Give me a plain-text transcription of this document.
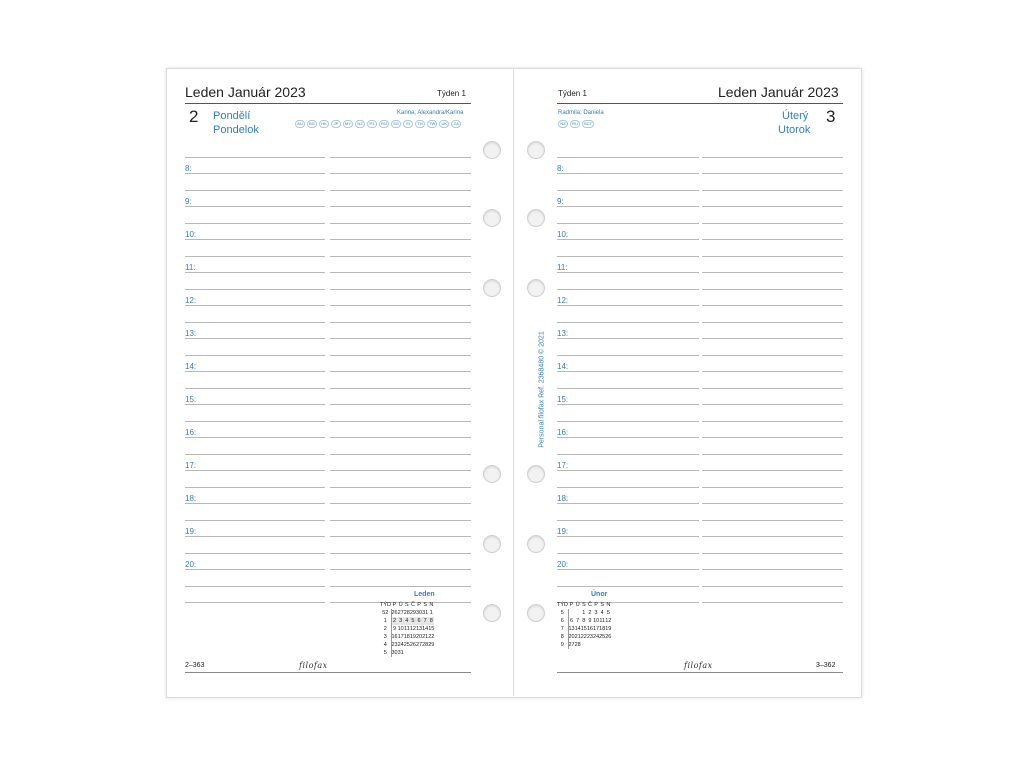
Leden Január 2023	Týden 1
2 Pondělí
Pondelok
Karina; Alexandra/Karina
AU	BG	HK	JP	MY	NZ	P3	RU	SG	SI	TH	TW	UK	ZA
8:
9:
10:
11:
12:
13:
14:
15:
16:
17:
18:
19:
20:
Leden
TÝD	P	Ú	S	Č	P	S	N
52	26	27	28	29	30	31	1
1	2	3	4	5	6	7	8
2	9	10	11	12	13	14	15
3	16	17	18	19	20	21	22
4	23	24	25	26	27	28	29
5	30	31					
2–363	filofax
Týden 1	Leden Január 2023
Radmila; Daniela
NZ	RU	SCT
Úterý
Utorok
3
8:
9:
10:
11:
12:
13:
14:
15:
16:
17:
18:
19:
20:
Únor
TÝD	P	Ú	S	Č	P	S	N
5			1	2	3	4	5
6	6	7	8	9	10	11	12
7	13	14	15	16	17	18	19
8	20	21	22	23	24	25	26
9	27	28					
filofax	3–362
Personal filofax Ref. 2368480 © 2021
